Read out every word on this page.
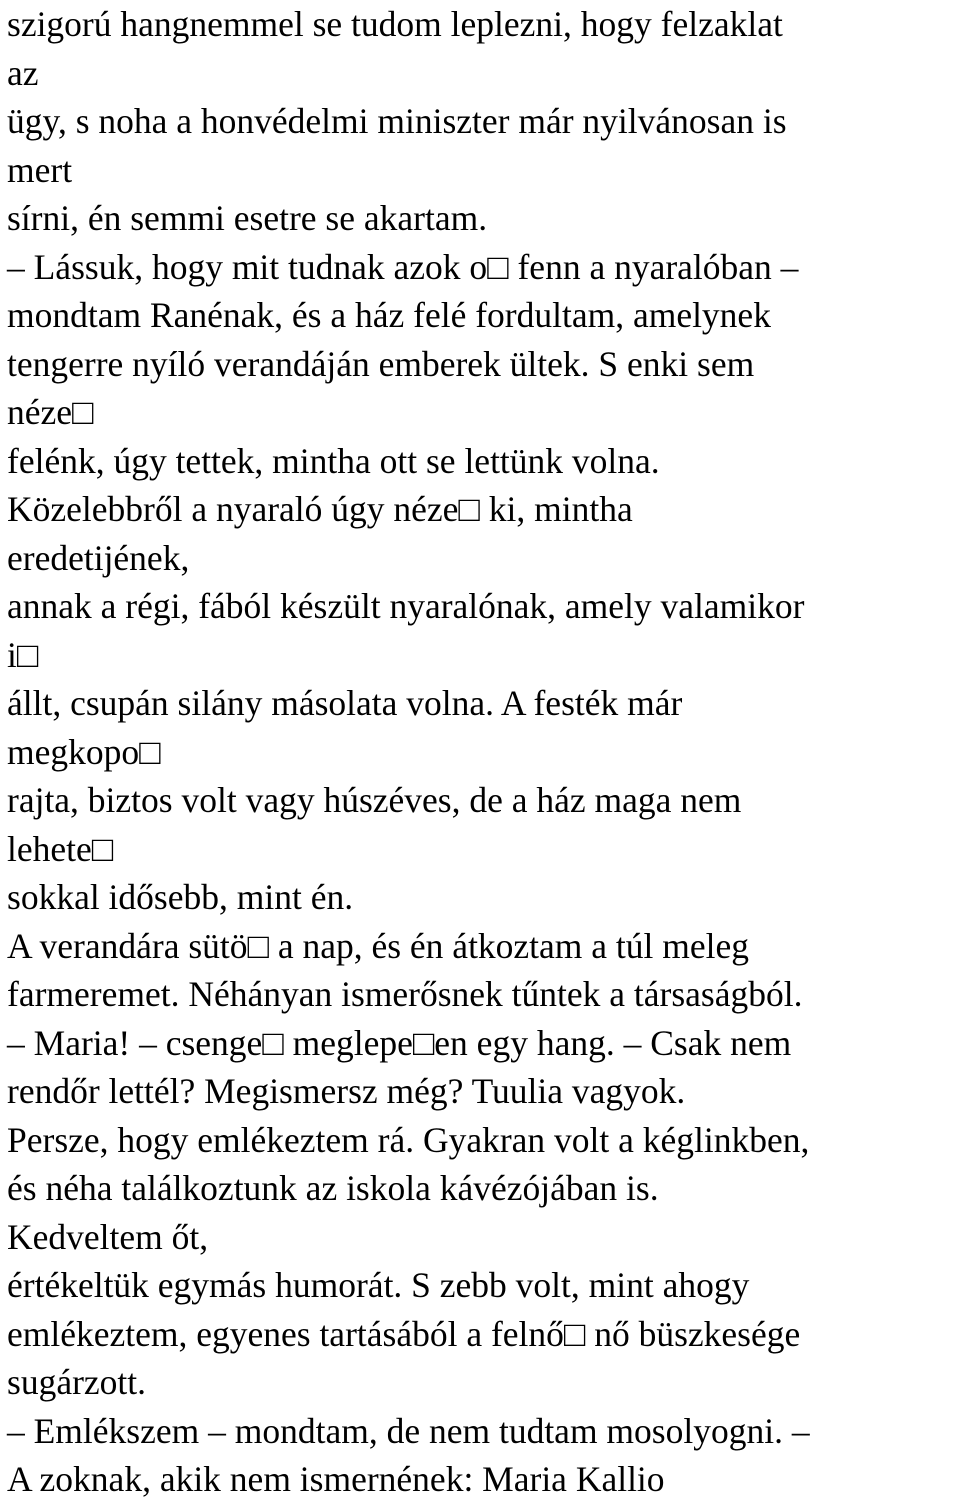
szigorú hangnemmel se tudom leplezni, hogy felzaklat
az
ügy, s noha a honvédelmi miniszter már nyilvánosan is
mert
sírni, én semmi esetre se akartam.
– Lássuk, hogy mit tudnak azok o□ fenn a nyaralóban –
mondtam Ranénak, és a ház felé fordultam, amelynek
tengerre nyíló verandáján emberek ültek. S enki sem
néze□
felénk, úgy tettek, mintha ott se lettünk volna.
Közelebbről a nyaraló úgy néze□ ki, mintha
eredetijének,
annak a régi, fából készült nyaralónak, amely valamikor
i□
állt, csupán silány másolata volna. A festék már
megkopo□
rajta, biztos volt vagy húszéves, de a ház maga nem
lehete□
sokkal idősebb, mint én.
A verandára sütö□ a nap, és én átkoztam a túl meleg
farmeremet. Néhányan ismerősnek tűntek a társaságból.
– Maria! – csenge□ meglepe□en egy hang. – Csak nem
rendőr lettél? Megismersz még? Tuulia vagyok.
Persze, hogy emlékeztem rá. Gyakran volt a kéglinkben,
és néha találkoztunk az iskola kávézójában is.
Kedveltem őt,
értékeltük egymás humorát. S zebb volt, mint ahogy
emlékeztem, egyenes tartásából a felnő□ nő büszkesége
sugárzott.
– Emlékszem – mondtam, de nem tudtam mosolyogni. –
A zoknak, akik nem ismernének: Maria Kallio
